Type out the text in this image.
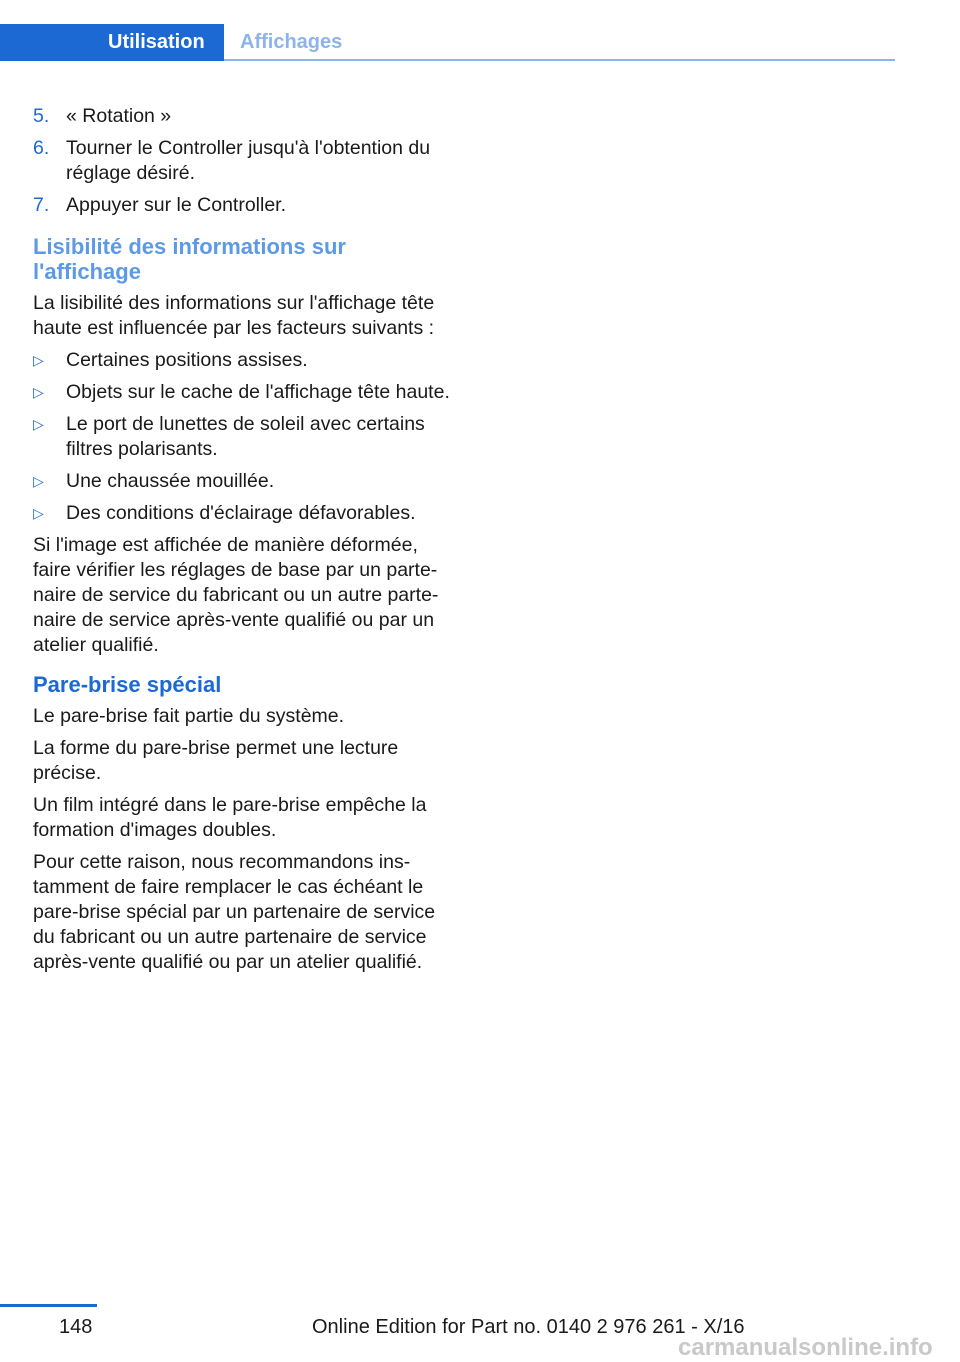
Utilisation	Affichages
5. « Rotation »
6. Tourner le Controller jusqu'à l'obtention du réglage désiré.
7. Appuyer sur le Controller.
Lisibilité des informations sur l'affichage

La lisibilité des informations sur l'affichage tête haute est influencée par les facteurs suivants :

▷ Certaines positions assises.
▷ Objets sur le cache de l'affichage tête haute.
▷ Le port de lunettes de soleil avec certains filtres polarisants.
▷ Une chaussée mouillée.
▷ Des conditions d'éclairage défavorables.

Si l'image est affichée de manière déformée, faire vérifier les réglages de base par un parte- naire de service du fabricant ou un autre parte- naire de service après-vente qualifié ou par un atelier qualifié.

Pare-brise spécial

Le pare-brise fait partie du système.

La forme du pare-brise permet une lecture précise.

Un film intégré dans le pare-brise empêche la formation d'images doubles.

Pour cette raison, nous recommandons ins- tamment de faire remplacer le cas échéant le pare-brise spécial par un partenaire de service du fabricant ou un autre partenaire de service après-vente qualifié ou par un atelier qualifié.

148	Online Edition for Part no. 0140 2 976 261 - X/16
carmanualsonline.info
